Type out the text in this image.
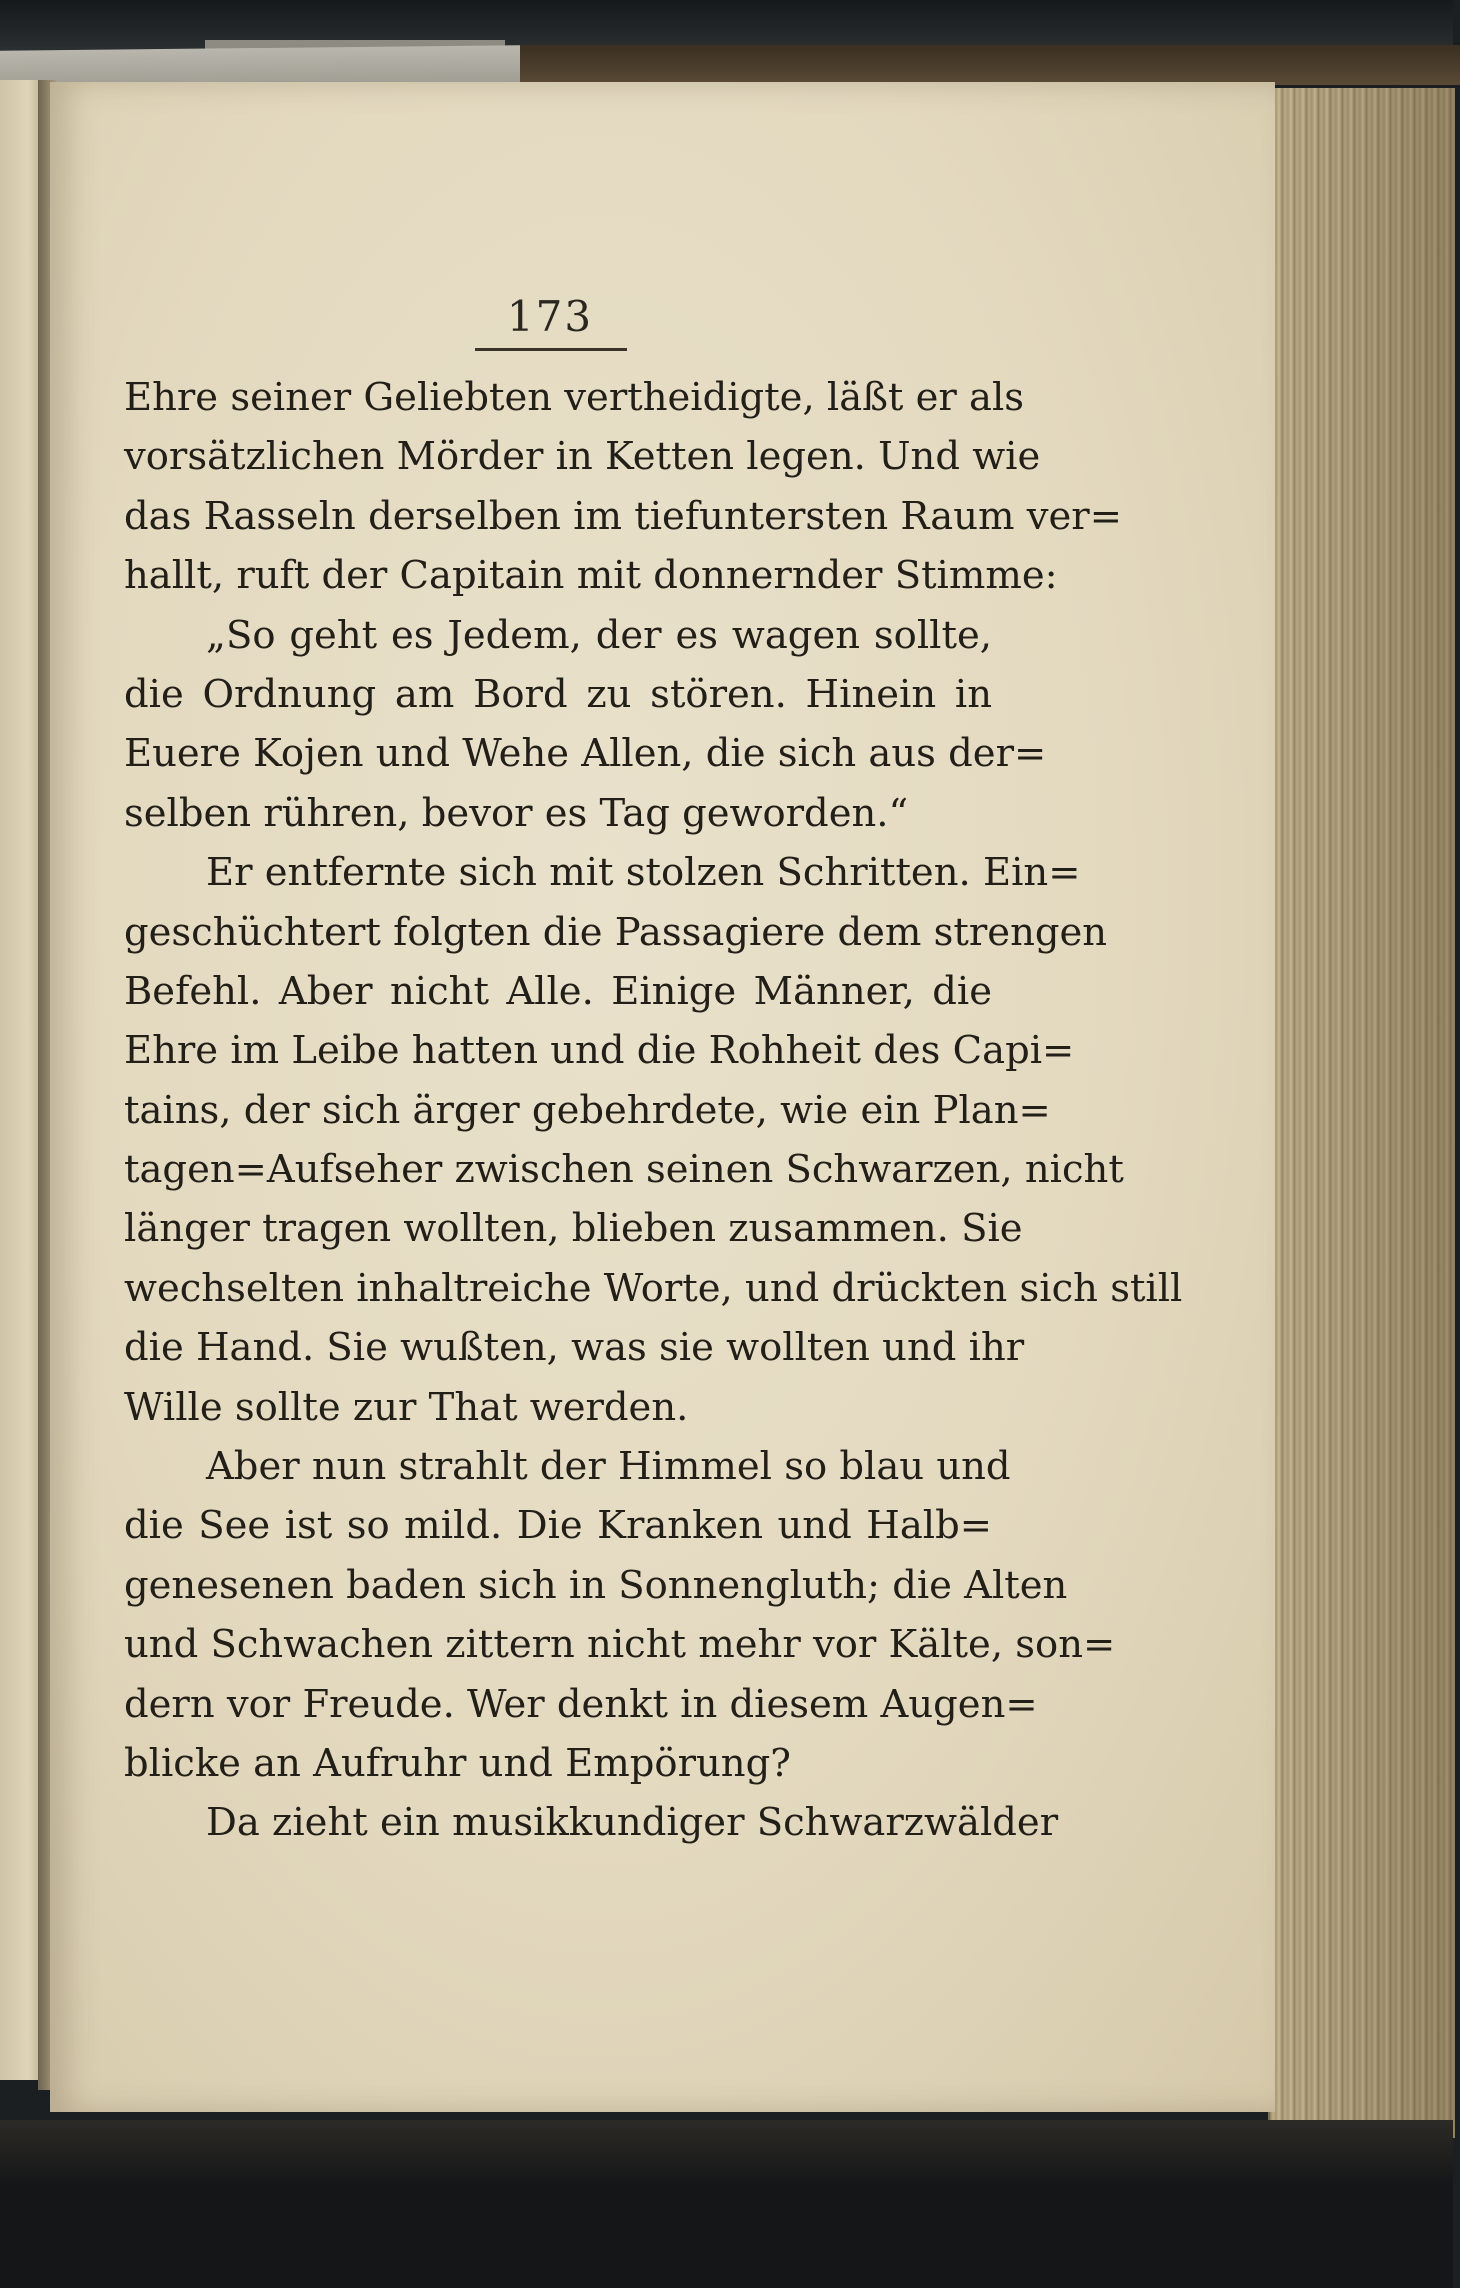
173
Ehre seiner Geliebten vertheidigte, läßt er als
vorsätzlichen Mörder in Ketten legen. Und wie
das Rasseln derselben im tiefuntersten Raum ver=
hallt, ruft der Capitain mit donnernder Stimme:
„So geht es Jedem, der es wagen sollte,
die Ordnung am Bord zu stören. Hinein in
Euere Kojen und Wehe Allen, die sich aus der=
selben rühren, bevor es Tag geworden.“
Er entfernte sich mit stolzen Schritten. Ein=
geschüchtert folgten die Passagiere dem strengen
Befehl. Aber nicht Alle. Einige Männer, die
Ehre im Leibe hatten und die Rohheit des Capi=
tains, der sich ärger gebehrdete, wie ein Plan=
tagen=Aufseher zwischen seinen Schwarzen, nicht
länger tragen wollten, blieben zusammen. Sie
wechselten inhaltreiche Worte, und drückten sich still
die Hand. Sie wußten, was sie wollten und ihr
Wille sollte zur That werden.
Aber nun strahlt der Himmel so blau und
die See ist so mild. Die Kranken und Halb=
genesenen baden sich in Sonnengluth; die Alten
und Schwachen zittern nicht mehr vor Kälte, son=
dern vor Freude. Wer denkt in diesem Augen=
blicke an Aufruhr und Empörung?
Da zieht ein musikkundiger Schwarzwälder
